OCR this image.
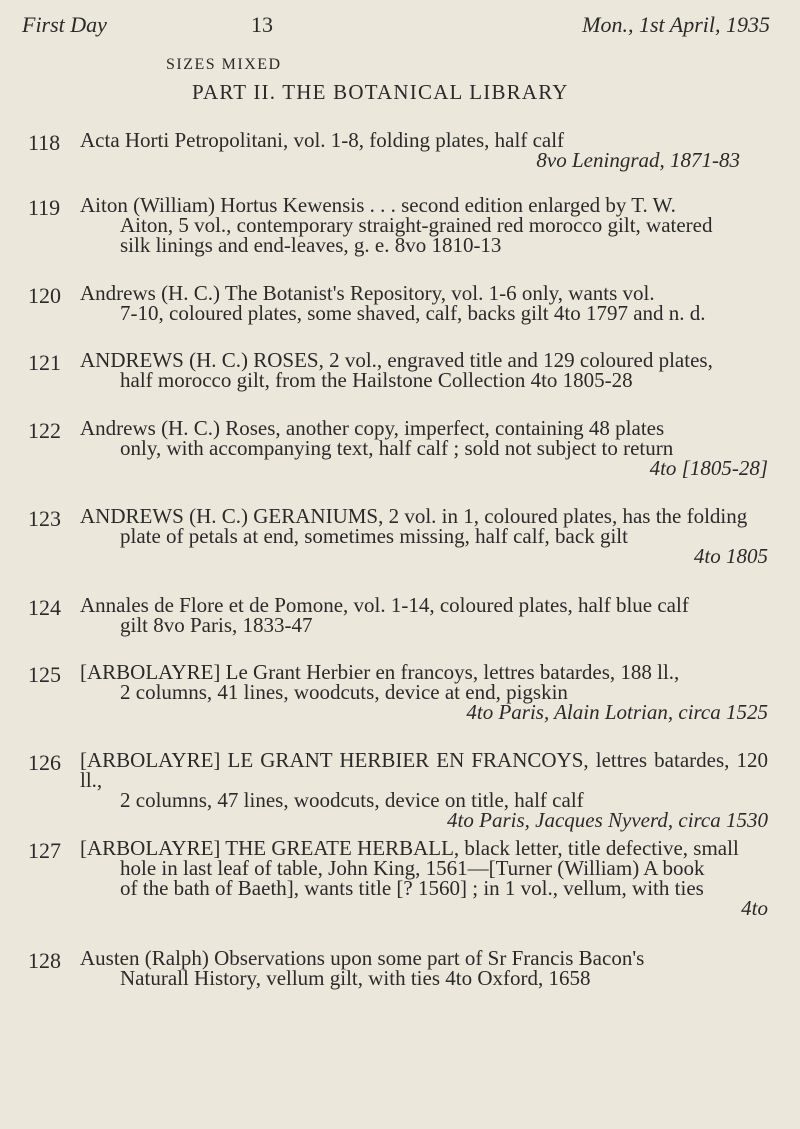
First Day	13	Mon., 1st April, 1935
SIZES MIXED
PART II. THE BOTANICAL LIBRARY
118 Acta Horti Petropolitani, vol. 1-8, folding plates, half calf

8vo Leningrad, 1871-83

119 Aiton (William) Hortus Kewensis . . . second edition enlarged by T. W.

Aiton, 5 vol., contemporary straight-grained red morocco gilt, watered

silk linings and end-leaves, g. e. 8vo 1810-13

120 Andrews (H. C.) The Botanist's Repository, vol. 1-6 only, wants vol.

7-10, coloured plates, some shaved, calf, backs gilt 4to 1797 and n. d.

121 ANDREWS (H. C.) ROSES, 2 vol., engraved title and 129 coloured plates,

half morocco gilt, from the Hailstone Collection 4to 1805-28

122 Andrews (H. C.) Roses, another copy, imperfect, containing 48 plates

only, with accompanying text, half calf ; sold not subject to return

4to [1805-28]

123 ANDREWS (H. C.) GERANIUMS, 2 vol. in 1, coloured plates, has the folding

plate of petals at end, sometimes missing, half calf, back gilt

4to 1805

124 Annales de Flore et de Pomone, vol. 1-14, coloured plates, half blue calf

gilt 8vo Paris, 1833-47

125 [ARBOLAYRE] Le Grant Herbier en francoys, lettres batardes, 188 ll.,

2 columns, 41 lines, woodcuts, device at end, pigskin

4to Paris, Alain Lotrian, circa 1525

126 [ARBOLAYRE] LE GRANT HERBIER EN FRANCOYS, lettres batardes, 120 ll.,

2 columns, 47 lines, woodcuts, device on title, half calf

4to Paris, Jacques Nyverd, circa 1530

127 [ARBOLAYRE] THE GREATE HERBALL, black letter, title defective, small

hole in last leaf of table, John King, 1561—[Turner (William) A book

of the bath of Baeth], wants title [? 1560] ; in 1 vol., vellum, with ties

4to

128 Austen (Ralph) Observations upon some part of Sr Francis Bacon's

Naturall History, vellum gilt, with ties 4to Oxford, 1658
